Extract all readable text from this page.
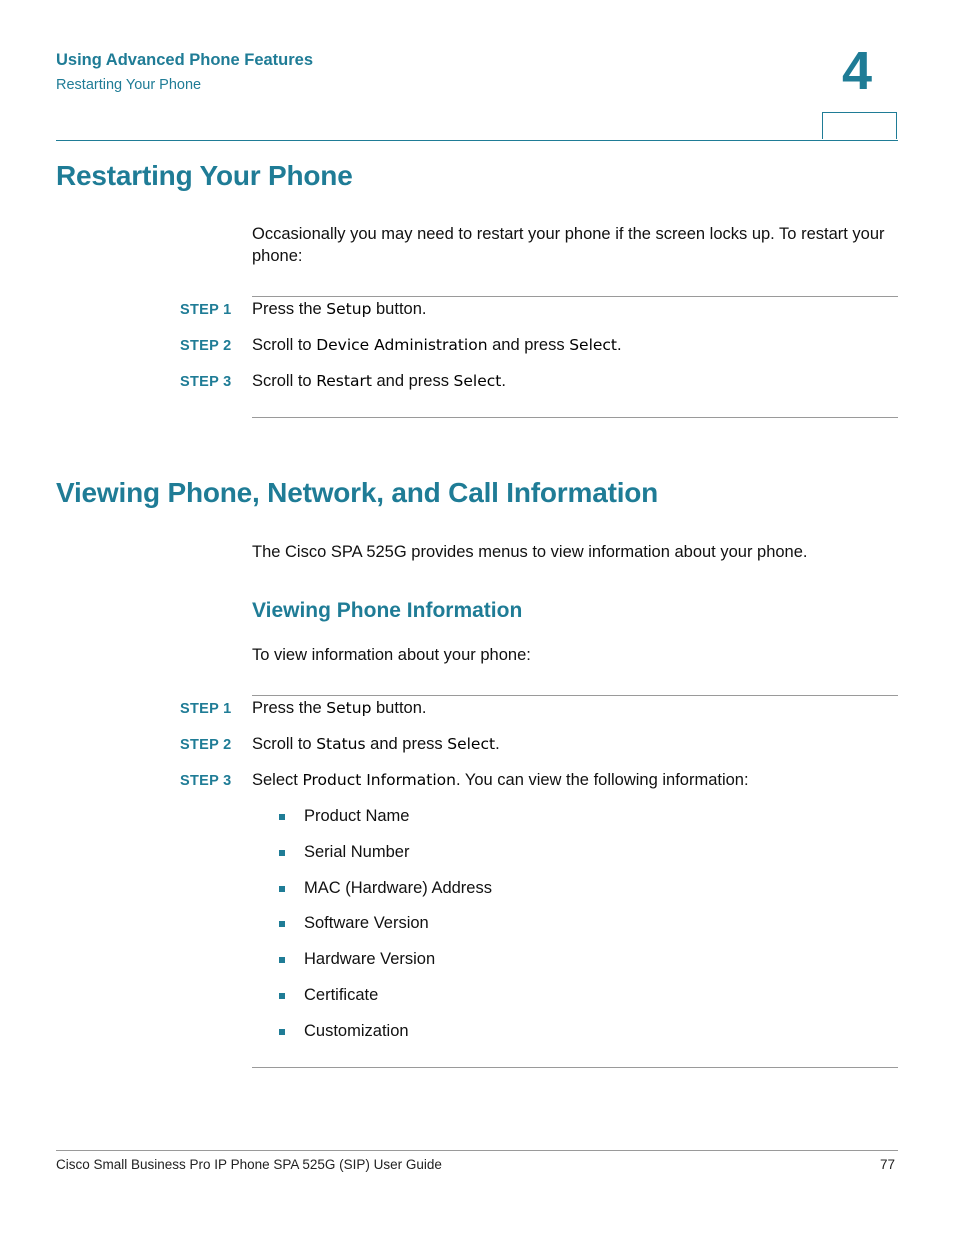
Using Advanced Phone Features
Restarting Your Phone	4
Restarting Your Phone
Occasionally you may need to restart your phone if the screen locks up. To restart your phone:
STEP 1 Press the Setup button.
STEP 2 Scroll to Device Administration and press Select.
STEP 3 Scroll to Restart and press Select.
Viewing Phone, Network, and Call Information
The Cisco SPA 525G provides menus to view information about your phone.
Viewing Phone Information
To view information about your phone:
STEP 1 Press the Setup button.
STEP 2 Scroll to Status and press Select.
STEP 3 Select Product Information. You can view the following information:
Product Name
Serial Number
MAC (Hardware) Address
Software Version
Hardware Version
Certificate
Customization
Cisco Small Business Pro IP Phone SPA 525G (SIP) User Guide	77
